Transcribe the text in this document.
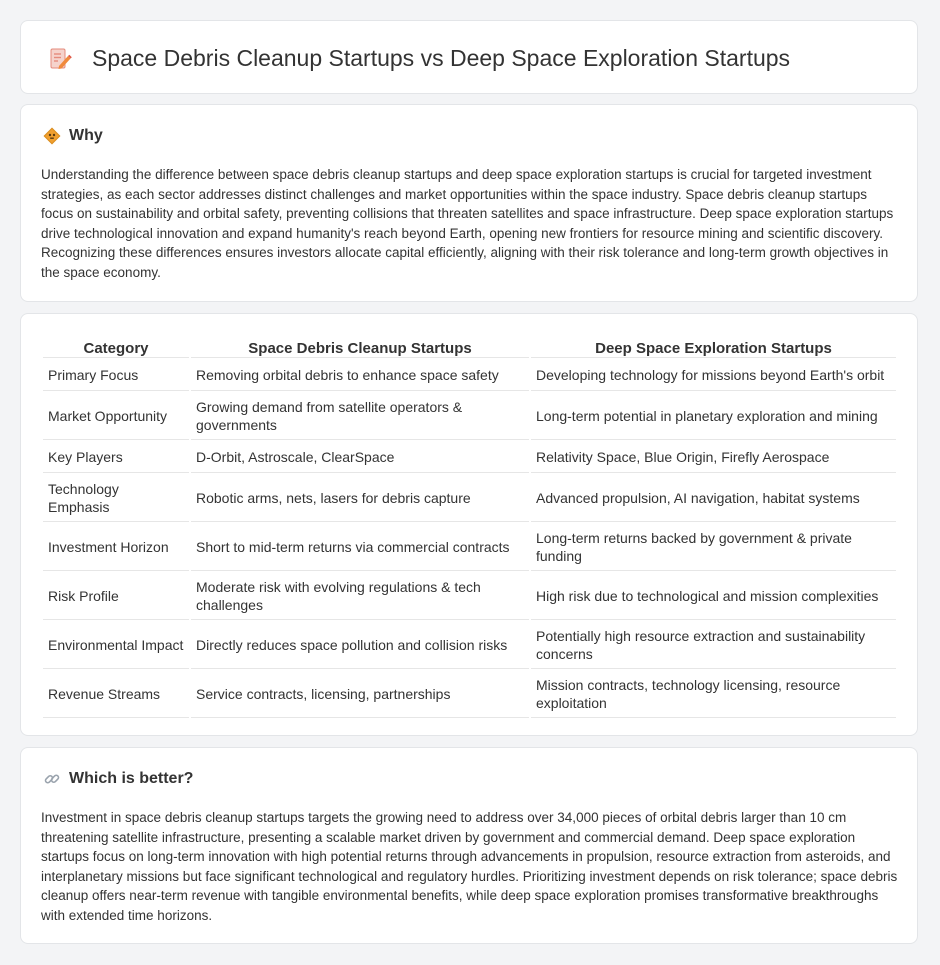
Space Debris Cleanup Startups vs Deep Space Exploration Startups
Why

Understanding the difference between space debris cleanup startups and deep space exploration startups is crucial for targeted investment strategies, as each sector addresses distinct challenges and market opportunities within the space industry. Space debris cleanup startups focus on sustainability and orbital safety, preventing collisions that threaten satellites and space infrastructure. Deep space exploration startups drive technological innovation and expand humanity's reach beyond Earth, opening new frontiers for resource mining and scientific discovery. Recognizing these differences ensures investors allocate capital efficiently, aligning with their risk tolerance and long-term growth objectives in the space economy.

Category	Space Debris Cleanup Startups	Deep Space Exploration Startups
Primary Focus	Removing orbital debris to enhance space safety	Developing technology for missions beyond Earth's orbit
Market Opportunity	Growing demand from satellite operators & governments	Long-term potential in planetary exploration and mining
Key Players	D-Orbit, Astroscale, ClearSpace	Relativity Space, Blue Origin, Firefly Aerospace
Technology Emphasis	Robotic arms, nets, lasers for debris capture	Advanced propulsion, AI navigation, habitat systems
Investment Horizon	Short to mid-term returns via commercial contracts	Long-term returns backed by government & private funding
Risk Profile	Moderate risk with evolving regulations & tech challenges	High risk due to technological and mission complexities
Environmental Impact	Directly reduces space pollution and collision risks	Potentially high resource extraction and sustainability concerns
Revenue Streams	Service contracts, licensing, partnerships	Mission contracts, technology licensing, resource exploitation
Which is better?

Investment in space debris cleanup startups targets the growing need to address over 34,000 pieces of orbital debris larger than 10 cm threatening satellite infrastructure, presenting a scalable market driven by government and commercial demand. Deep space exploration startups focus on long-term innovation with high potential returns through advancements in propulsion, resource extraction from asteroids, and interplanetary missions but face significant technological and regulatory hurdles. Prioritizing investment depends on risk tolerance; space debris cleanup offers near-term revenue with tangible environmental benefits, while deep space exploration promises transformative breakthroughs with extended time horizons.
